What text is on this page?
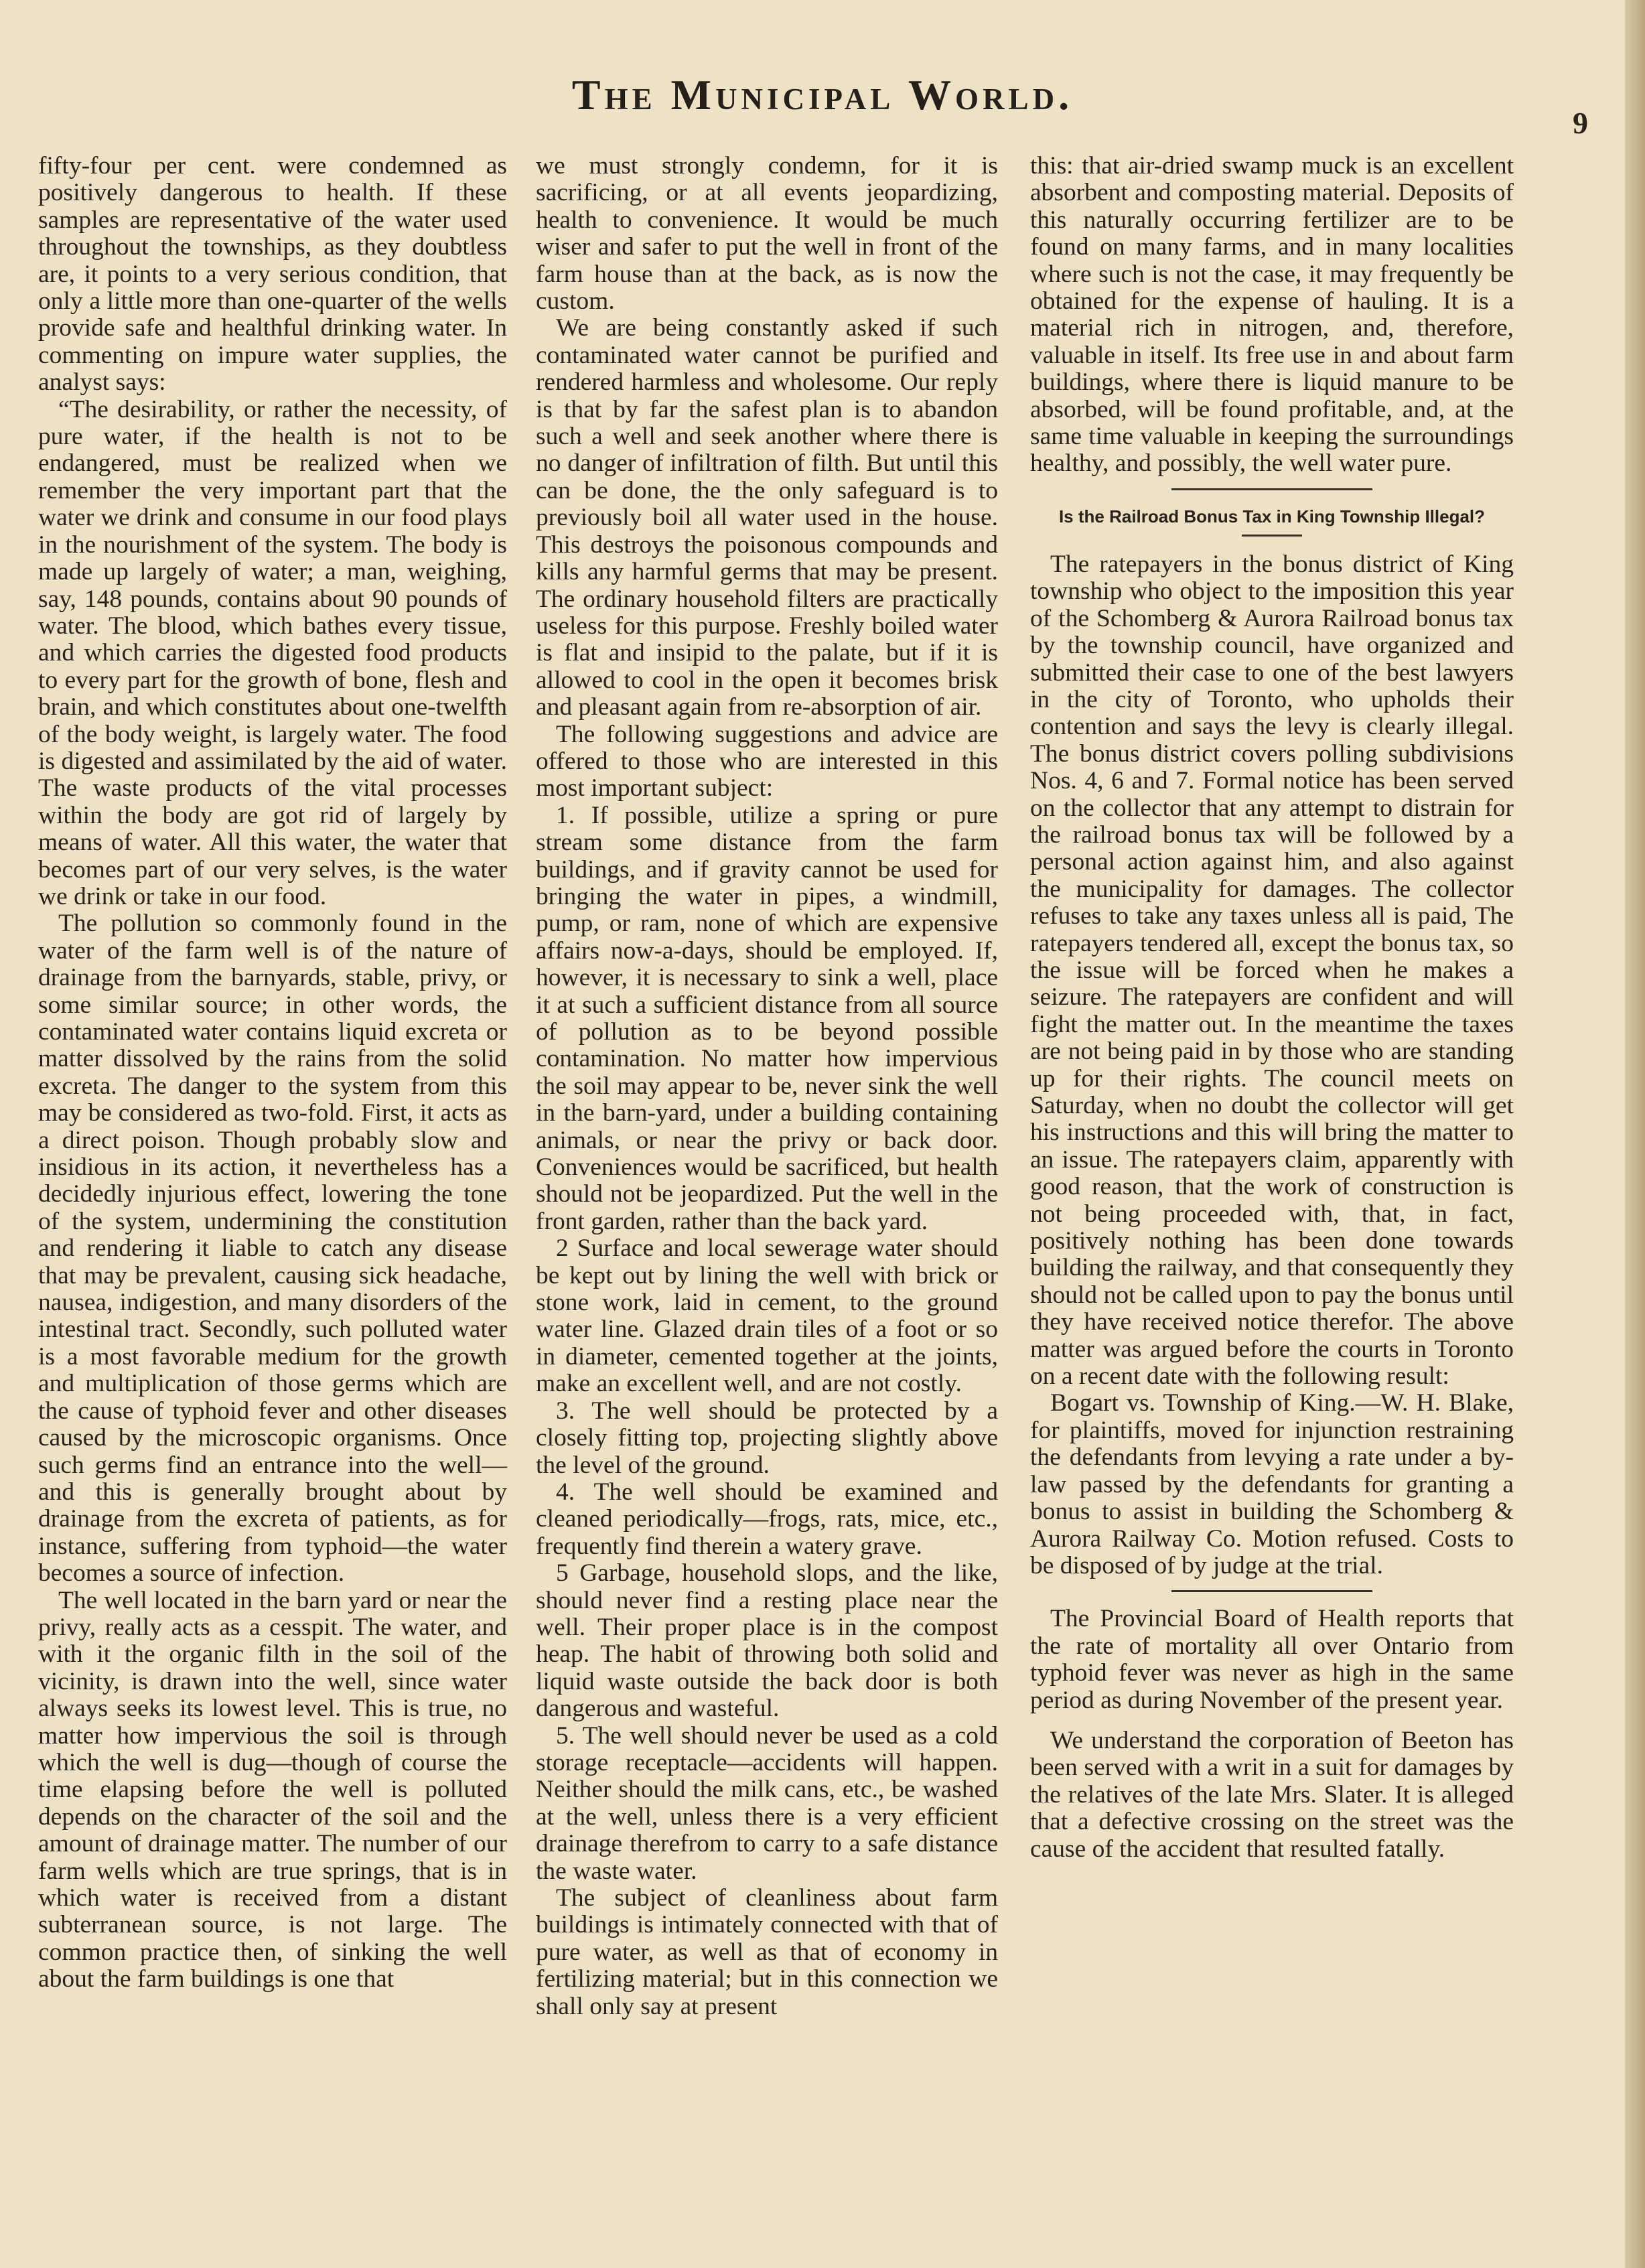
The Municipal World.
9

fifty-four per cent. were condemned as positively dangerous to health. If these samples are representative of the water used throughout the townships, as they doubtless are, it points to a very serious condition, that only a little more than one-quarter of the wells provide safe and healthful drinking water. In commenting on impure water supplies, the analyst says:

“The desirability, or rather the necessity, of pure water, if the health is not to be endangered, must be realized when we remember the very important part that the water we drink and consume in our food plays in the nourishment of the system. The body is made up largely of water; a man, weighing, say, 148 pounds, contains about 90 pounds of water. The blood, which bathes every tissue, and which carries the digested food products to every part for the growth of bone, flesh and brain, and which constitutes about one-twelfth of the body weight, is largely water. The food is digested and assimilated by the aid of water. The waste products of the vital processes within the body are got rid of largely by means of water. All this water, the water that becomes part of our very selves, is the water we drink or take in our food.

The pollution so commonly found in the water of the farm well is of the nature of drainage from the barnyards, stable, privy, or some similar source; in other words, the contaminated water contains liquid excreta or matter dissolved by the rains from the solid excreta. The danger to the system from this may be considered as two-fold. First, it acts as a direct poison. Though probably slow and insidious in its action, it nevertheless has a decidedly injurious effect, lowering the tone of the system, undermining the constitution and rendering it liable to catch any disease that may be prevalent, causing sick headache, nausea, indigestion, and many disorders of the intestinal tract. Secondly, such polluted water is a most favorable medium for the growth and multiplication of those germs which are the cause of typhoid fever and other diseases caused by the microscopic organisms. Once such germs find an entrance into the well—and this is generally brought about by drainage from the excreta of patients, as for instance, suffering from typhoid—the water becomes a source of infection.

The well located in the barn yard or near the privy, really acts as a cesspit. The water, and with it the organic filth in the soil of the vicinity, is drawn into the well, since water always seeks its lowest level. This is true, no matter how impervious the soil is through which the well is dug—though of course the time elapsing before the well is polluted depends on the character of the soil and the amount of drainage matter. The number of our farm wells which are true springs, that is in which water is received from a distant subterranean source, is not large. The common practice then, of sinking the well about the farm buildings is one that

we must strongly condemn, for it is sacrificing, or at all events jeopardizing, health to convenience. It would be much wiser and safer to put the well in front of the farm house than at the back, as is now the custom.

We are being constantly asked if such contaminated water cannot be purified and rendered harmless and wholesome. Our reply is that by far the safest plan is to abandon such a well and seek another where there is no danger of infiltration of filth. But until this can be done, the the only safeguard is to previously boil all water used in the house. This destroys the poisonous compounds and kills any harmful germs that may be present. The ordinary household filters are practically useless for this purpose. Freshly boiled water is flat and insipid to the palate, but if it is allowed to cool in the open it becomes brisk and pleasant again from re-absorption of air.

The following suggestions and advice are offered to those who are interested in this most important subject:

1. If possible, utilize a spring or pure stream some distance from the farm buildings, and if gravity cannot be used for bringing the water in pipes, a windmill, pump, or ram, none of which are expensive affairs now-a-days, should be employed. If, however, it is necessary to sink a well, place it at such a sufficient distance from all source of pollution as to be beyond possible contamination. No matter how impervious the soil may appear to be, never sink the well in the barn-yard, under a building containing animals, or near the privy or back door. Conveniences would be sacrificed, but health should not be jeopardized. Put the well in the front garden, rather than the back yard.

2 Surface and local sewerage water should be kept out by lining the well with brick or stone work, laid in cement, to the ground water line. Glazed drain tiles of a foot or so in diameter, cemented together at the joints, make an excellent well, and are not costly.

3. The well should be protected by a closely fitting top, projecting slightly above the level of the ground.

4. The well should be examined and cleaned periodically—frogs, rats, mice, etc., frequently find therein a watery grave.

5 Garbage, household slops, and the like, should never find a resting place near the well. Their proper place is in the compost heap. The habit of throwing both solid and liquid waste outside the back door is both dangerous and wasteful.

5. The well should never be used as a cold storage receptacle—accidents will happen. Neither should the milk cans, etc., be washed at the well, unless there is a very efficient drainage therefrom to carry to a safe distance the waste water.

The subject of cleanliness about farm buildings is intimately connected with that of pure water, as well as that of economy in fertilizing material; but in this connection we shall only say at present

this: that air-dried swamp muck is an excellent absorbent and composting material. Deposits of this naturally occurring fertilizer are to be found on many farms, and in many localities where such is not the case, it may frequently be obtained for the expense of hauling. It is a material rich in nitrogen, and, therefore, valuable in itself. Its free use in and about farm buildings, where there is liquid manure to be absorbed, will be found profitable, and, at the same time valuable in keeping the surroundings healthy, and possibly, the well water pure.

Is the Railroad Bonus Tax in King Township Illegal?

The ratepayers in the bonus district of King township who object to the imposition this year of the Schomberg & Aurora Railroad bonus tax by the township council, have organized and submitted their case to one of the best lawyers in the city of Toronto, who upholds their contention and says the levy is clearly illegal. The bonus district covers polling subdivisions Nos. 4, 6 and 7. Formal notice has been served on the collector that any attempt to distrain for the railroad bonus tax will be followed by a personal action against him, and also against the municipality for damages. The collector refuses to take any taxes unless all is paid, The ratepayers tendered all, except the bonus tax, so the issue will be forced when he makes a seizure. The ratepayers are confident and will fight the matter out. In the meantime the taxes are not being paid in by those who are standing up for their rights. The council meets on Saturday, when no doubt the collector will get his instructions and this will bring the matter to an issue. The ratepayers claim, apparently with good reason, that the work of construction is not being proceeded with, that, in fact, positively nothing has been done towards building the railway, and that consequently they should not be called upon to pay the bonus until they have received notice therefor. The above matter was argued before the courts in Toronto on a recent date with the following result:

Bogart vs. Township of King.—W. H. Blake, for plaintiffs, moved for injunction restraining the defendants from levying a rate under a by-law passed by the defendants for granting a bonus to assist in building the Schomberg & Aurora Railway Co. Motion refused. Costs to be disposed of by judge at the trial.

The Provincial Board of Health reports that the rate of mortality all over Ontario from typhoid fever was never as high in the same period as during November of the present year.

We understand the corporation of Beeton has been served with a writ in a suit for damages by the relatives of the late Mrs. Slater. It is alleged that a defective crossing on the street was the cause of the accident that resulted fatally.
